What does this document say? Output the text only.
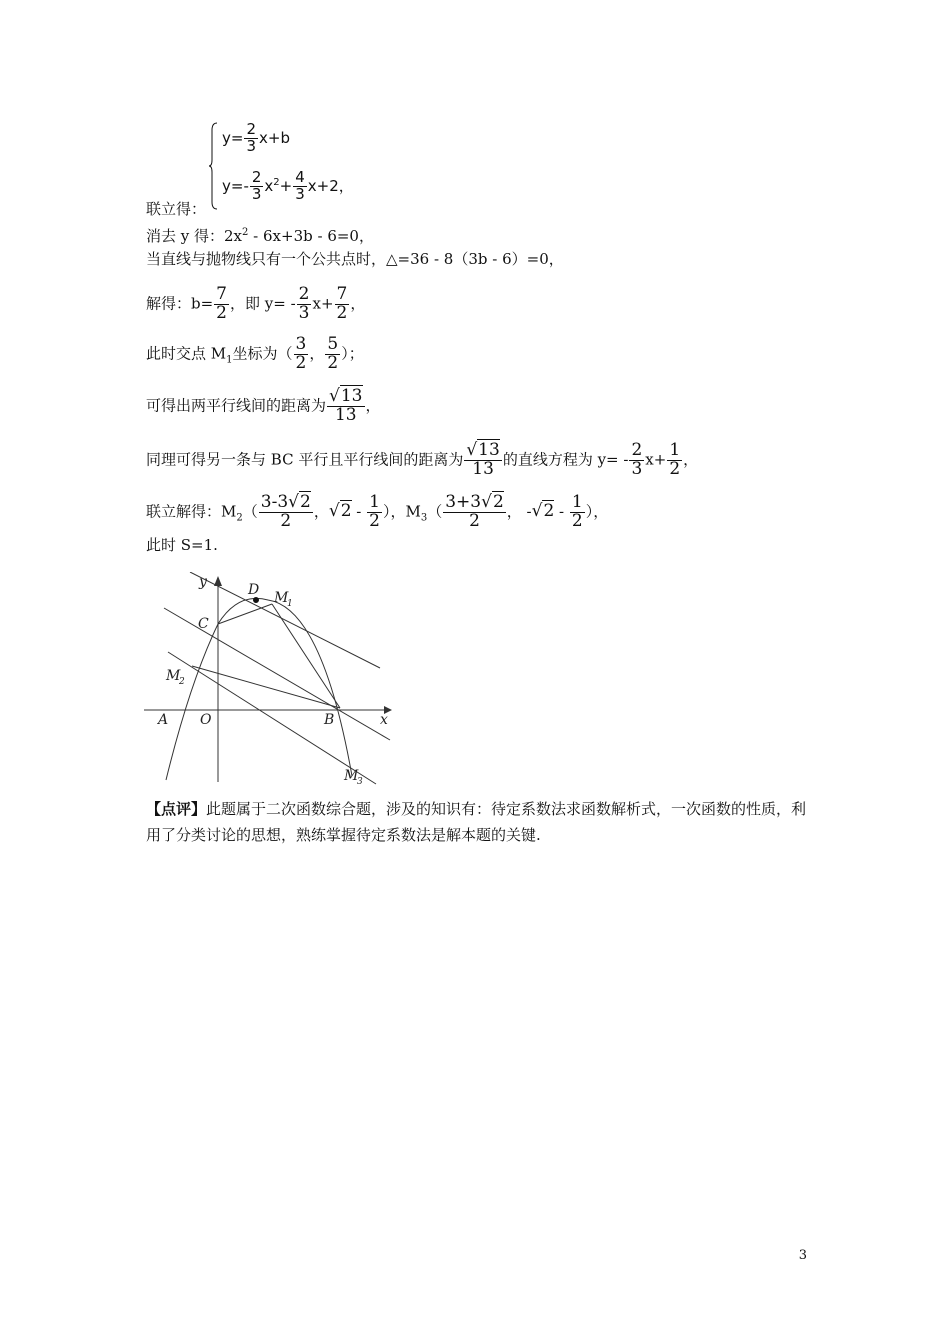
联立得：
$y= \frac{2}{3} x+b$
$y=- \frac{2}{3} x^2+ \frac{4}{3} x+2$，
消去 y 得：$2x^2 - 6x+3b - 6=0$，
当直线与抛物线只有一个公共点时，△=36 - 8（3b - 6）=0，
解得：$b= \frac{7}{2}$ ，即 $y= - \frac{2}{3} x+ \frac{7}{2}$ ，
此时交点 $M_1$坐标为（ $\frac{3}{2}$ ， $\frac{5}{2}$ ）；
可得出两平行线间的距离为 $\frac{√13}{13}$ ，
同理可得另一条与 BC 平行且平行线间的距离为 $\frac{√13}{13}$ 的直线方程为 $y= - \frac{2}{3} x+ \frac{1}{2}$ ，
联立解得：$M_2( \frac{3-3√2}{2}$ ，$√2 - \frac{1}{2}$ ），$M_3( \frac{3+3√2}{2}$ ， $-√2 - \frac{1}{2}$ ），
此时 S=1.
y
x
O
A	B
C
D M
1
M
2
M
3
【点评】此题属于二次函数综合题，涉及的知识有：待定系数法求函数解析式，一次函数的性质，利用了分类讨论的思想，熟练掌握待定系数法是解本题的关键.
3
